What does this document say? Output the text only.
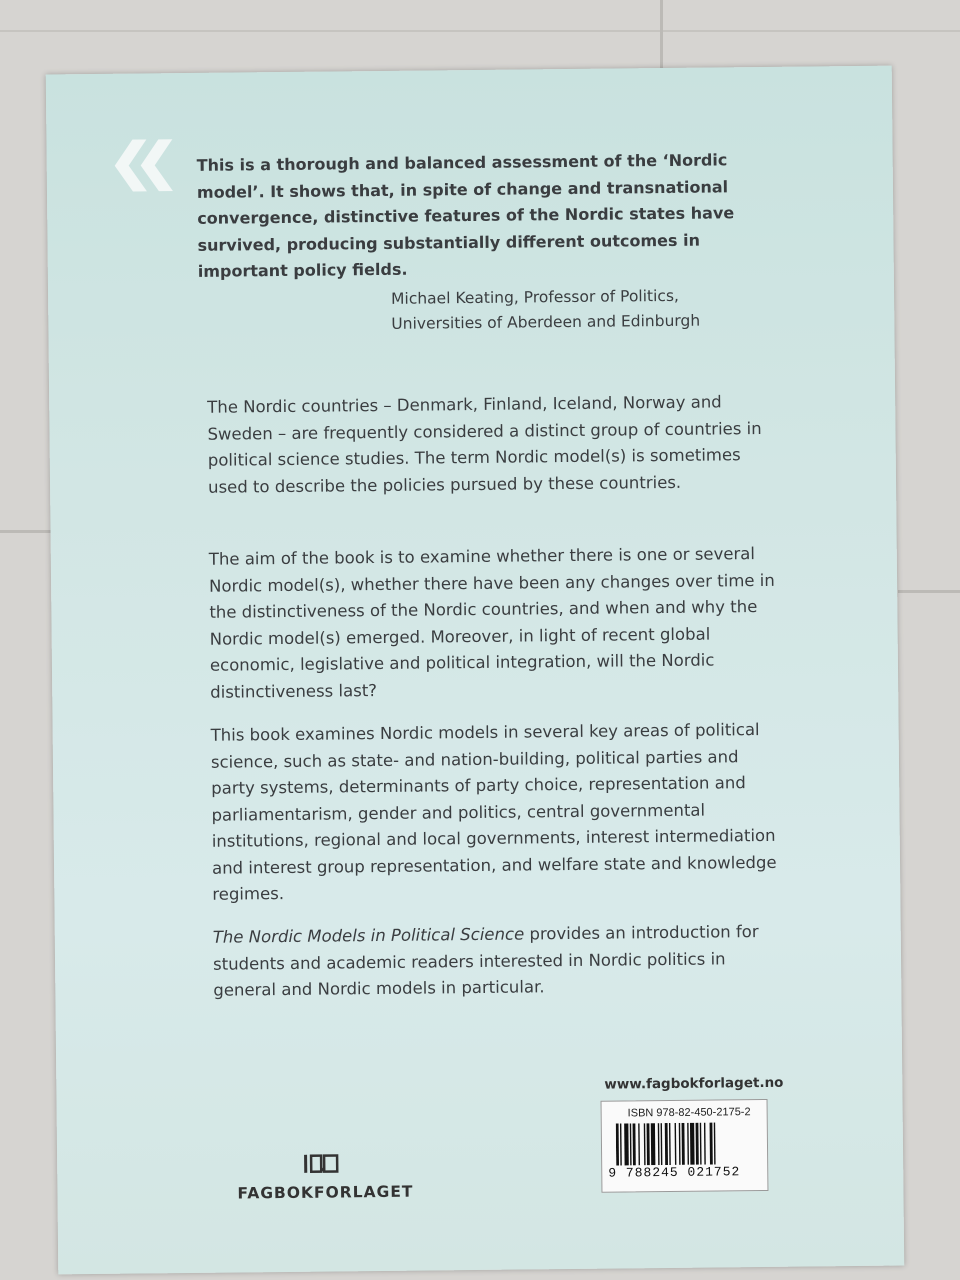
This is a thorough and balanced assessment of the ‘Nordic model’. It shows that, in spite of change and transnational convergence, distinctive features of the Nordic states have survived, producing substantially different outcomes in important policy fields.

Michael Keating, Professor of Politics,
Universities of Aberdeen and Edinburgh

The Nordic countries – Denmark, Finland, Iceland, Norway and Sweden – are frequently considered a distinct group of countries in political science studies. The term Nordic model(s) is sometimes used to describe the policies pursued by these countries.

The aim of the book is to examine whether there is one or several Nordic model(s), whether there have been any changes over time in the distinctiveness of the Nordic countries, and when and why the Nordic model(s) emerged. Moreover, in light of recent global economic, legislative and political integration, will the Nordic distinctiveness last?

This book examines Nordic models in several key areas of political science, such as state- and nation-building, political parties and party systems, determinants of party choice, representation and parliamentarism, gender and politics, central governmental institutions, regional and local governments, interest intermediation and interest group representation, and welfare state and knowledge regimes.

The Nordic Models in Political Science provides an introduction for students and academic readers interested in Nordic politics in general and Nordic models in particular.

www.fagbokforlaget.no
ISBN 978-82-450-2175-2
9 788245 021752
FAGBOKFORLAGET
